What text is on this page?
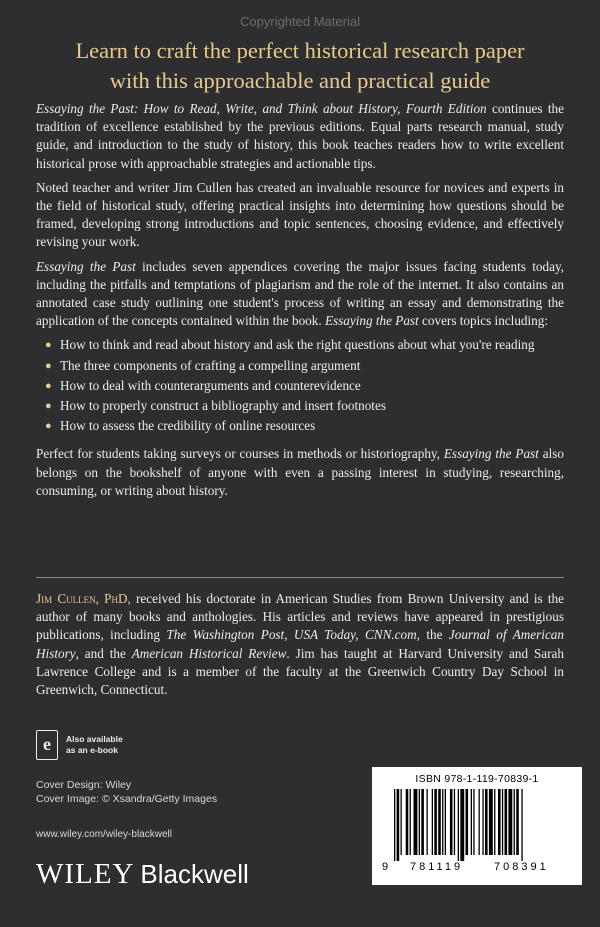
Copyrighted Material
Learn to craft the perfect historical research paper
with this approachable and practical guide

Essaying the Past: How to Read, Write, and Think about History, Fourth Edition continues the tradition of excellence established by the previous editions. Equal parts research manual, study guide, and introduction to the study of history, this book teaches readers how to write excellent historical prose with approachable strategies and actionable tips.

Noted teacher and writer Jim Cullen has created an invaluable resource for novices and experts in the field of historical study, offering practical insights into determining how questions should be framed, developing strong introductions and topic sentences, choosing evidence, and effectively revising your work.

Essaying the Past includes seven appendices covering the major issues facing students today, including the pitfalls and temptations of plagiarism and the role of the internet. It also contains an annotated case study outlining one student's process of writing an essay and demonstrating the application of the concepts contained within the book. Essaying the Past covers topics including:

● How to think and read about history and ask the right questions about what you're reading
● The three components of crafting a compelling argument
● How to deal with counterarguments and counterevidence
● How to properly construct a bibliography and insert footnotes
● How to assess the credibility of online resources

Perfect for students taking surveys or courses in methods or historiography, Essaying the Past also belongs on the bookshelf of anyone with even a passing interest in studying, researching, consuming, or writing about history.

Jim Cullen, PhD, received his doctorate in American Studies from Brown University and is the author of many books and anthologies. His articles and reviews have appeared in prestigious publications, including The Washington Post, USA Today, CNN.com, the Journal of American History, and the American Historical Review. Jim has taught at Harvard University and Sarah Lawrence College and is a member of the faculty at the Greenwich Country Day School in Greenwich, Connecticut.
e	Also available
as an e-book
Cover Design: Wiley
Cover Image: © Xsandra/Getty Images
www.wiley.com/wiley-blackwell
WILEY Blackwell
ISBN 978-1-119-70839-1
9 781119	708391
